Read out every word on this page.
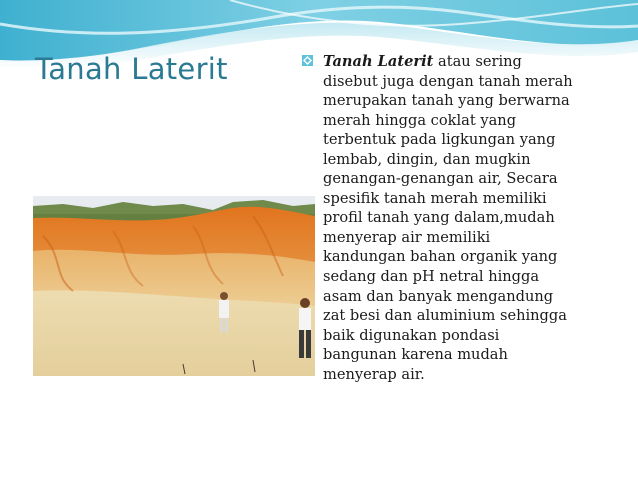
Tanah Laterit	Tanah Laterit atau sering
disebut juga dengan tanah merah
merupakan tanah yang berwarna
merah hingga coklat yang
terbentuk pada ligkungan yang
lembab, dingin, dan mugkin
genangan-genangan air, Secara
spesifik tanah merah memiliki
profil tanah yang dalam,mudah
menyerap air memiliki
kandungan bahan organik yang
sedang dan pH netral hingga
asam dan banyak mengandung
zat besi dan aluminium sehingga
baik digunakan pondasi
bangunan karena mudah
menyerap air.
